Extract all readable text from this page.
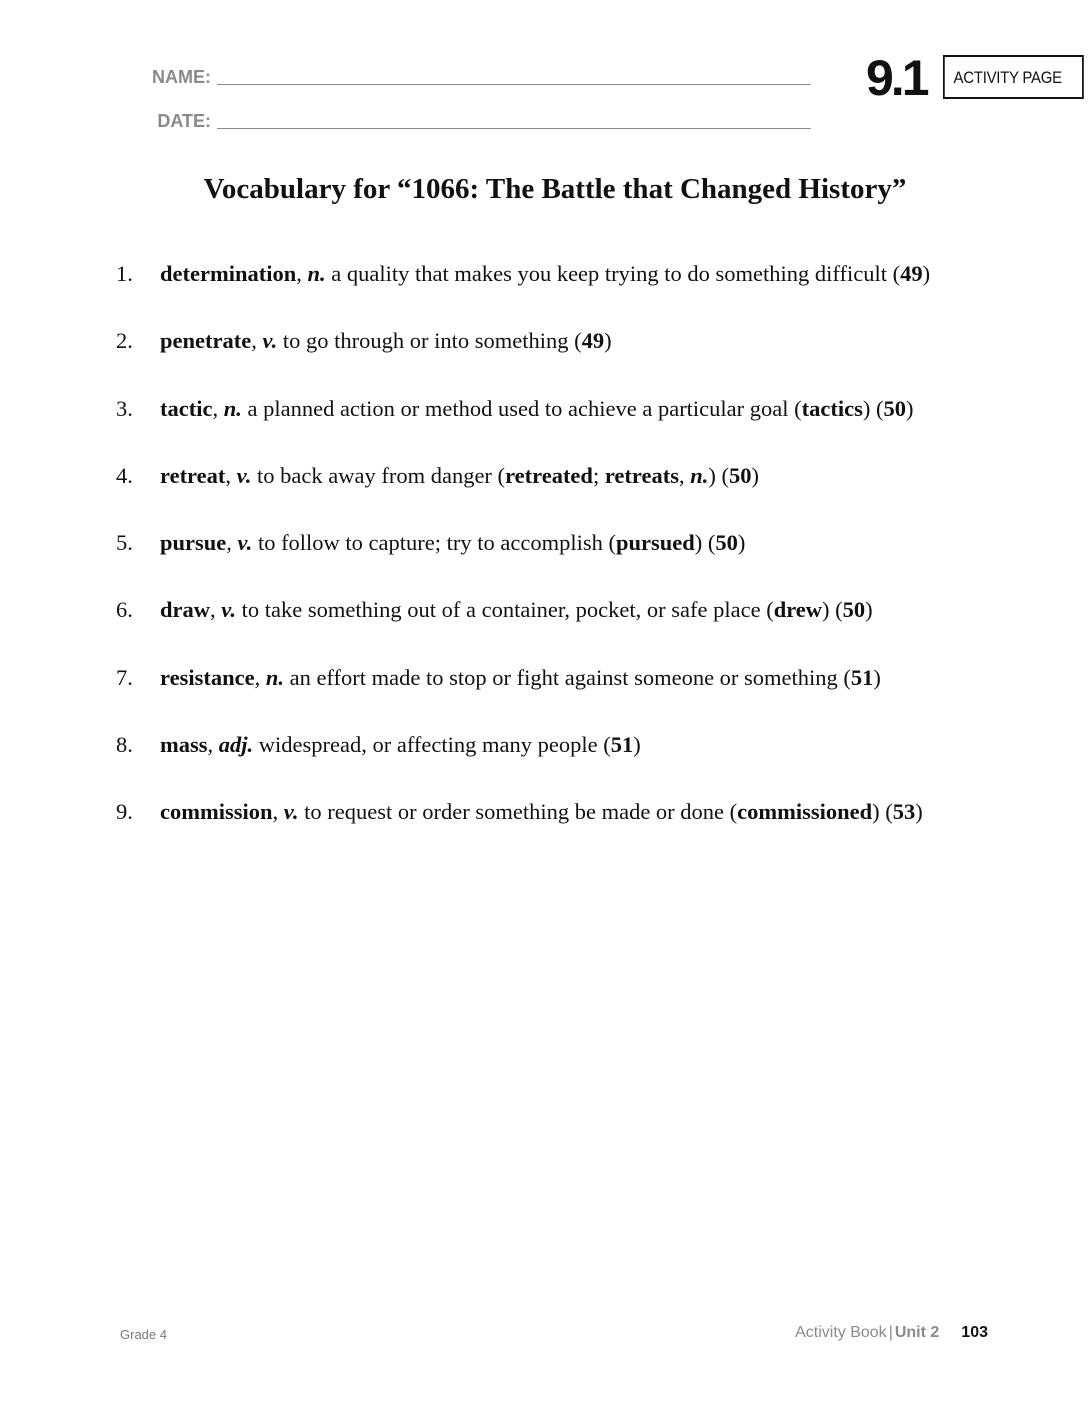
NAME:
DATE:
9.1	ACTIVITY PAGE
Vocabulary for “1066: The Battle that Changed History”
1.	determination, n. a quality that makes you keep trying to do something difficult (49)
2.	penetrate, v. to go through or into something (49)
3.	tactic, n. a planned action or method used to achieve a particular goal (tactics) (50)
4.	retreat, v. to back away from danger (retreated; retreats, n.) (50)
5.	pursue, v. to follow to capture; try to accomplish (pursued) (50)
6.	draw, v. to take something out of a container, pocket, or safe place (drew) (50)
7.	resistance, n. an effort made to stop or fight against someone or something (51)
8.	mass, adj. widespread, or affecting many people (51)
9.	commission, v. to request or order something be made or done (commissioned) (53)
Grade 4	Activity Book | Unit 2 103
